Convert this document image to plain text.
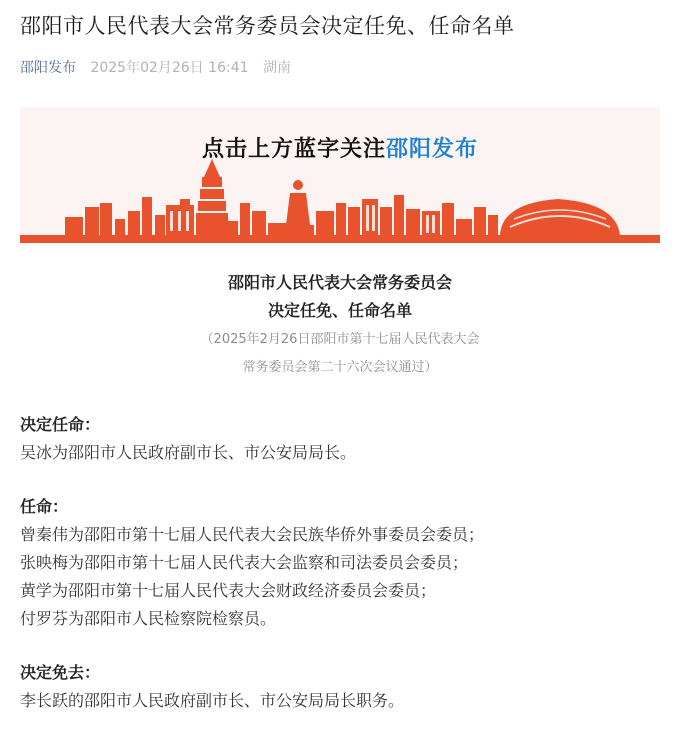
邵阳市人民代表大会常务委员会决定任免、任命名单
邵阳发布 2025年02月26日 16:41 湖南
点击上方蓝字关注邵阳发布
邵阳市人民代表大会常务委员会
决定任免、任命名单
（2025年2月26日邵阳市第十七届人民代表大会
常务委员会第二十六次会议通过）
决定任命：
吴冰为邵阳市人民政府副市长、市公安局局长。
任命：
曾秦伟为邵阳市第十七届人民代表大会民族华侨外事委员会委员；
张映梅为邵阳市第十七届人民代表大会监察和司法委员会委员；
黄学为邵阳市第十七届人民代表大会财政经济委员会委员；
付罗芬为邵阳市人民检察院检察员。
决定免去：
李长跃的邵阳市人民政府副市长、市公安局局长职务。
